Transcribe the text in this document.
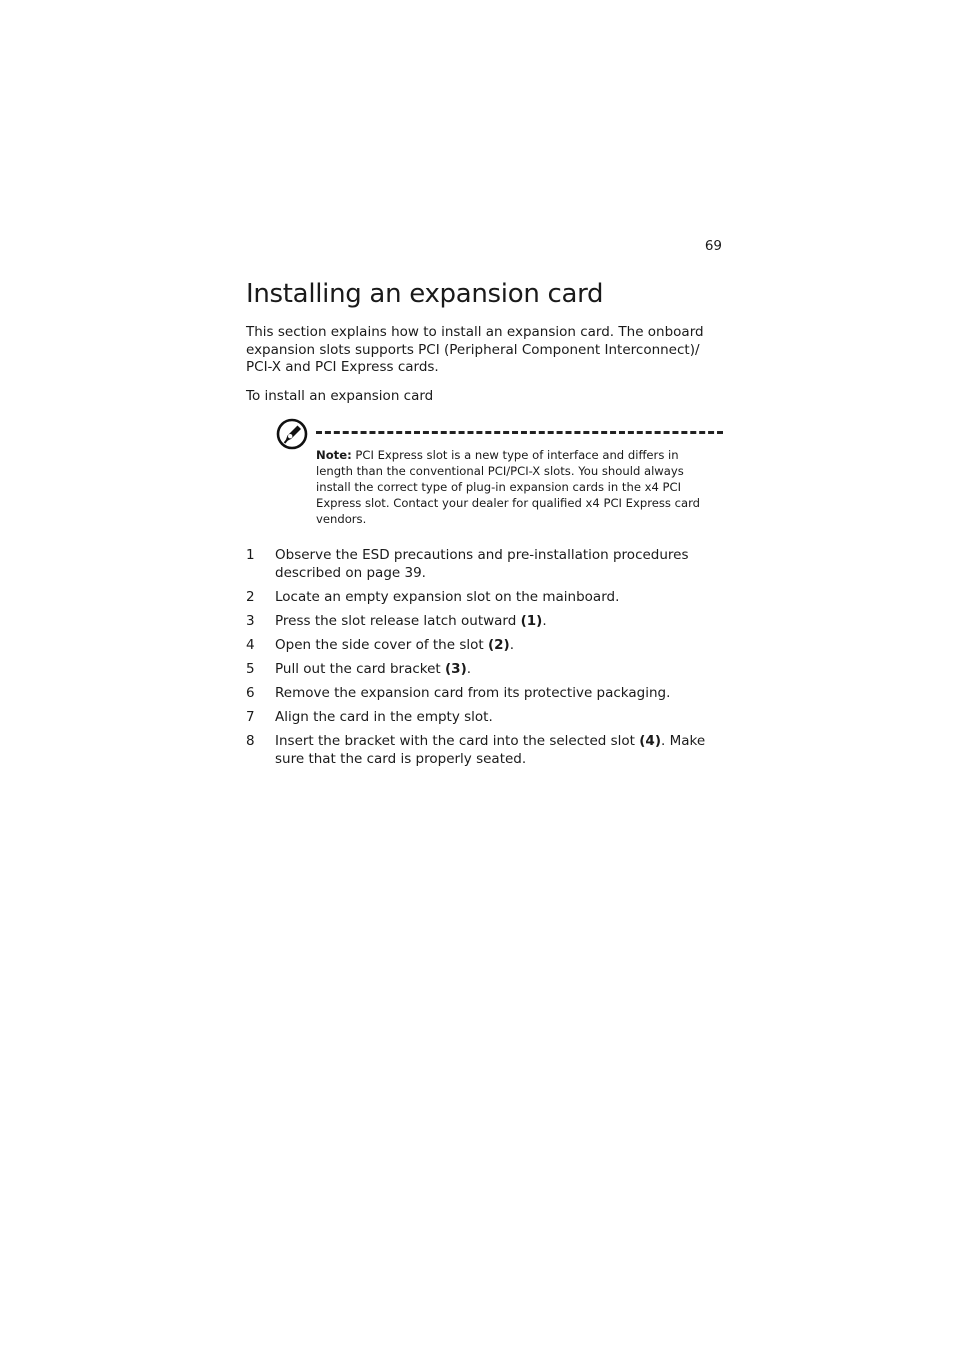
69
Installing an expansion card

This section explains how to install an expansion card. The onboard
expansion slots supports PCI (Peripheral Component Interconnect)/
PCI-X and PCI Express cards.

To install an expansion card

Note: PCI Express slot is a new type of interface and differs in
length than the conventional PCI/PCI-X slots. You should always
install the correct type of plug-in expansion cards in the x4 PCI
Express slot. Contact your dealer for qualified x4 PCI Express card
vendors.

1 Observe the ESD precautions and pre-installation procedures
described on page 39.
2 Locate an empty expansion slot on the mainboard.
3 Press the slot release latch outward (1).
4 Open the side cover of the slot (2).
5 Pull out the card bracket (3).
6 Remove the expansion card from its protective packaging.
7 Align the card in the empty slot.
8 Insert the bracket with the card into the selected slot (4). Make
sure that the card is properly seated.
